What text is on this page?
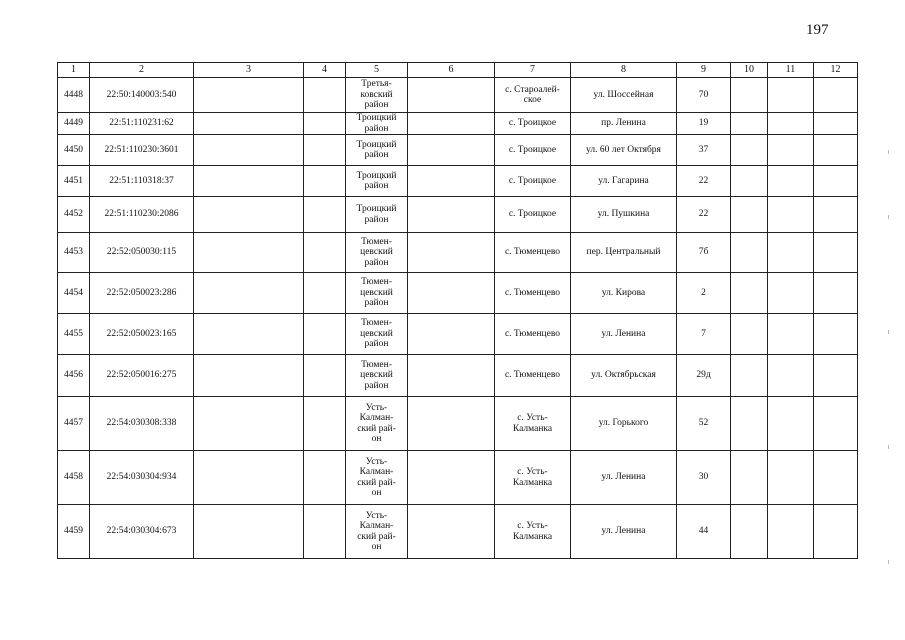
197
1	2	3	4	5	6	7	8	9	10	11	12
4448	22:50:140003:540			Третья-
ковский
район		с. Староалей-
ское	ул. Шоссейная	70			
4449	22:51:110231:62			Троицкий
район		с. Троицкое	пр. Ленина	19			
4450	22:51:110230:3601			Троицкий
район		с. Троицкое	ул. 60 лет Октября	37			
4451	22:51:110318:37			Троицкий
район		с. Троицкое	ул. Гагарина	22			
4452	22:51:110230:2086			Троицкий
район		с. Троицкое	ул. Пушкина	22			
4453	22:52:050030:115			Тюмен-
цевский
район		с. Тюменцево	пер. Центральный	7б			
4454	22:52:050023:286			Тюмен-
цевский
район		с. Тюменцево	ул. Кирова	2			
4455	22:52:050023:165			Тюмен-
цевский
район		с. Тюменцево	ул. Ленина	7			
4456	22:52:050016:275			Тюмен-
цевский
район		с. Тюменцево	ул. Октябрьская	29д			
4457	22:54:030308:338			Усть-
Калман-
ский рай-
он		с. Усть-
Калманка	ул. Горького	52			
4458	22:54:030304:934			Усть-
Калман-
ский рай-
он		с. Усть-
Калманка	ул. Ленина	30			
4459	22:54:030304:673			Усть-
Калман-
ский рай-
он		с. Усть-
Калманка	ул. Ленина	44			
